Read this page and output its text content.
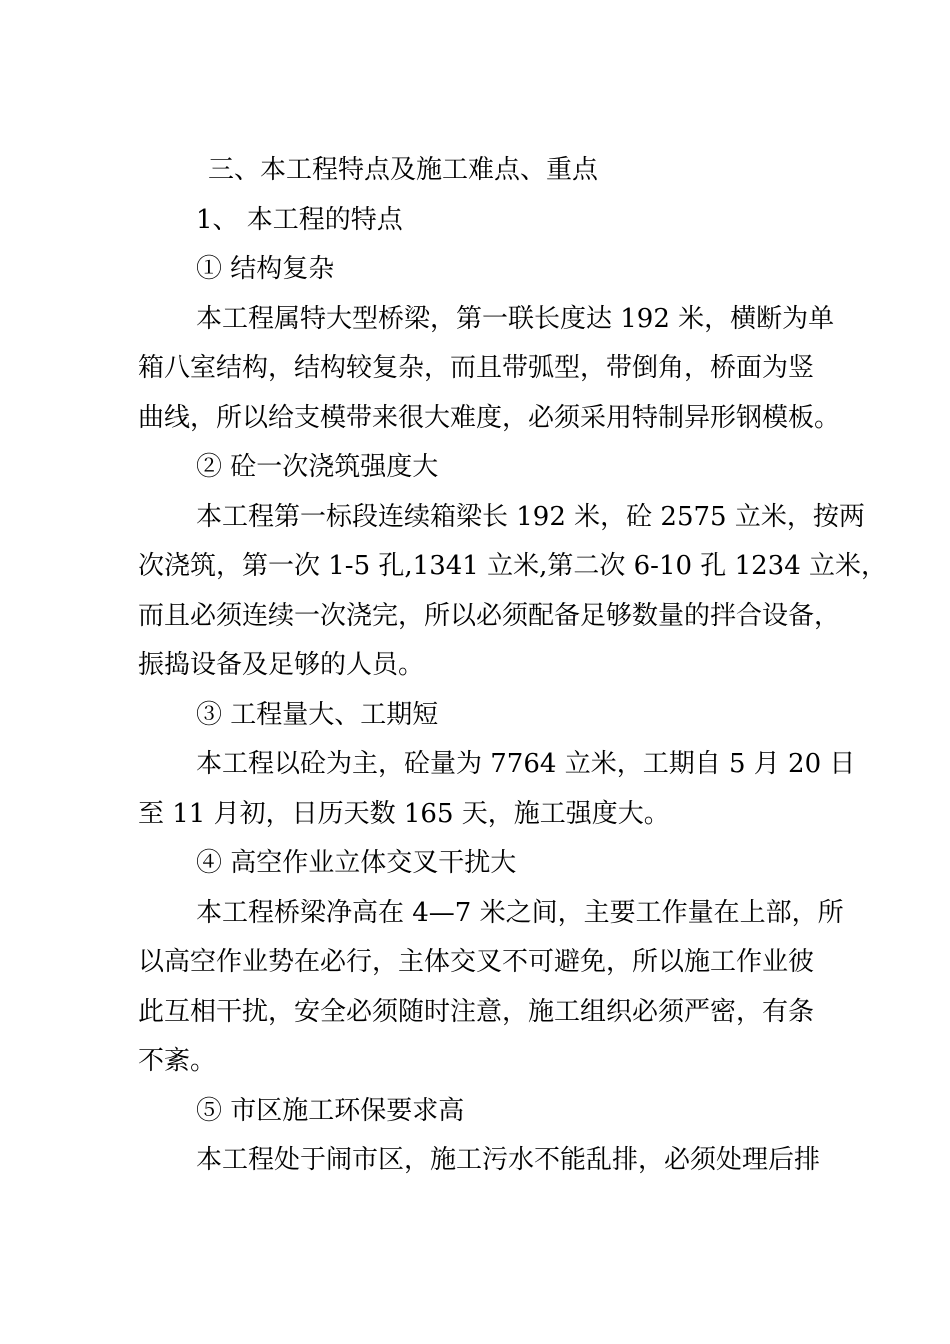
三、本工程特点及施工难点、重点

1、 本工程的特点

① 结构复杂

本工程属特大型桥梁，第一联长度达 192 米，横断为单

箱八室结构，结构较复杂，而且带弧型，带倒角，桥面为竖

曲线，所以给支模带来很大难度，必须采用特制异形钢模板。

② 砼一次浇筑强度大

本工程第一标段连续箱梁长 192 米，砼 2575 立米，按两

次浇筑，第一次 1-5 孔,1341 立米,第二次 6-10 孔 1234 立米，

而且必须连续一次浇完，所以必须配备足够数量的拌合设备，

振捣设备及足够的人员。

③ 工程量大、工期短

本工程以砼为主，砼量为 7764 立米，工期自 5 月 20 日

至 11 月初，日历天数 165 天，施工强度大。

④ 高空作业立体交叉干扰大

本工程桥梁净高在 4—7 米之间，主要工作量在上部，所

以高空作业势在必行，主体交叉不可避免，所以施工作业彼

此互相干扰，安全必须随时注意，施工组织必须严密，有条

不紊。

⑤ 市区施工环保要求高

本工程处于闹市区，施工污水不能乱排，必须处理后排
